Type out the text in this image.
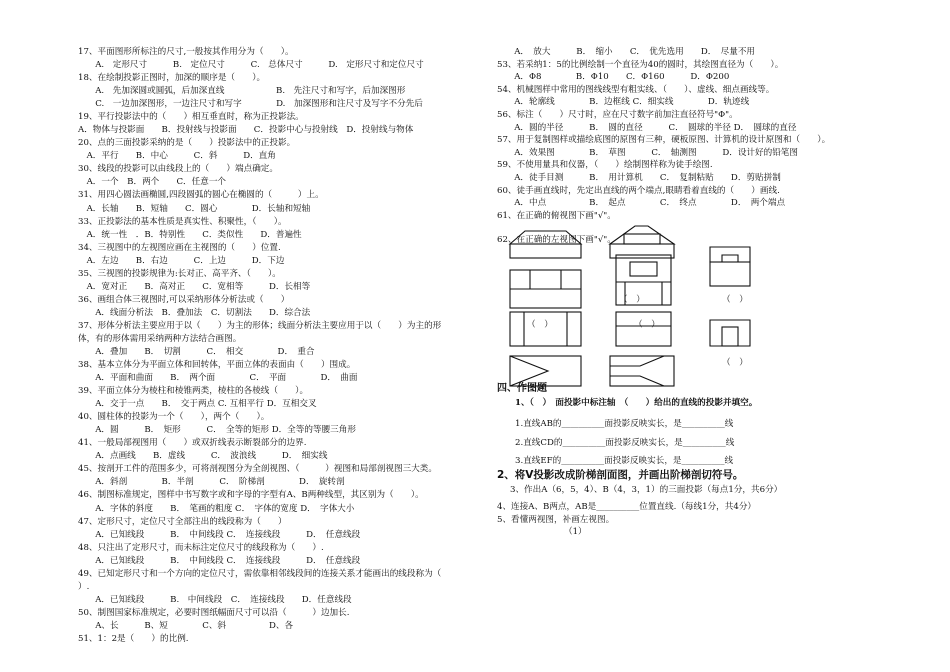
17、平面图形所标注的尺寸,一般按其作用分为（　　）。
　　A.　定形尺寸　　　B.　定位尺寸　　　C.　总体尺寸　　　D.　定形尺寸和定位尺寸
18、在绘制投影正图时，加深的顺序是（　　）。
　　A.　先加深圆或圆弧，后加深直线　　　　　　B.　先注尺寸和写字，后加深图形
　　C.　一边加深图形，一边注尺寸和写字　　　　D.　加深图形和注尺寸及写字不分先后
19、平行投影法中的（　　）相互垂直时，称为正投影法。
A．物体与投影面　　B．投射线与投影面　　C．投影中心与投射线　D．投射线与物体
20、点的三面投影采纳的是（　　）投影法中的正投影。
　A．平行　　B．中心　　　C．斜　　　D．直角
30、线段的投影可以由线段上的（　　）端点确定。
　A．一个　B．两个　　C．任意一个
31、用四心圆法画椭圆,四段圆弧的圆心在椭圆的（　　　）上。
　A．长轴　　B．短轴　　C．圆心　　　　D．长轴和短轴
33、正投影法的基本性质是真实性、积聚性，（　　）。
　A．统一性　．B．特别性　　C．类似性　　D．普遍性
34、三视图中的左视图应画在主视图的（　　）位置.
　A．左边　　B．右边　　　C．上边　　　D．下边
35、三视图的投影规律为:长对正、高平齐、（　　）。
　A．宽对正　　B．高对正　　C．宽相等　　　D．长相等
36、画组合体三视图时,可以采纳形体分析法或（　　）
　　A．线面分析法　B．叠加法　C．切割法　　D．综合法
37、形体分析法主要应用于以（　　）为主的形体；线面分析法主要应用于以（　　）为主的形
体，有的形体需用采纳两种方法结合画图。
　　A．叠加　　B．　切割　　　C．　相交　　　　D．　重合
38、基本立体分为平面立体和回转体，平面立体的表面由（　　）围成。
　　A．平面和曲面　　B．　两个面　　　　C．　平面　　　　D．　曲面
39、平面立体分为棱柱和棱锥两类，棱柱的各棱线（　　）。
　　A．交于一点　　B．　交于两点 C. 互相平行 D．互相交叉
40、圆柱体的投影为一个（　　），两个（　　）。
　　A．圆　　　B．　矩形　　　C．　全等的矩形 D．全等的等腰三角形
41、一般局部视图用（　　）或双折线表示断裂部分的边界.
　　A．点画线　　B．虚线　　　C．　波浪线　　　D．　细实线
45、按剖开工件的范围多少，可将剖视图分为全剖视图、（　　　）视图和局部剖视图三大类。
　　A．斜剖　　　　B．半剖　　　C．　阶梯剖　　　　D．　旋转剖
46、制图标准规定，图样中书写数字或和字母的字型有A、B两种线型，其区别为（　　）。
　　A．字体的斜度　　B．　笔画的粗度 C．　字体的宽度 D．　字体大小
47、定形尺寸，定位尺寸全部注出的线段称为（　　）
　　A．已知线段　　　B．　中间线段 C．　连接线段　　　D．　任意线段
48、只注出了定形尺寸，而未标注定位尺寸的线段称为（　　）.
　　A．已知线段　　　B．　中间线段 C．　连接线段　　　D．　任意线段
49、已知定形尺寸和一个方向的定位尺寸，需依靠相邻线段间的连接关系才能画出的线段称为（
）.
　　A．已知线段　　　B.　中间线段　C．　连接线段　　D．任意线段
50、制图国家标准规定，必要时图纸幅面尺寸可以沿（　　　）边加长.
　　A、长　　　B、短　　　　C、斜　　　　　D、各
51、1：2是（　　）的比例.
　　A．　放大　　　B．　缩小　　C．　优先选用　　D．　尽量不用
53、若采纳1：5的比例绘制一个直径为40的圆时，其绘图直径为（　　）。
　　A．Φ8　　　　B．Φ10　　C．Φ160　　　D．Φ200
54、机械图样中常用的图线线型有粗实线、（　　）、虚线、细点画线等。
　　A．轮廓线　　　　B．边框线 C．细实线　　　　D．轨迹线
56、标注（　　）尺寸时，应在尺寸数字前加注直径符号"Φ"。
　　A．圆的半径　　　B．　圆的直径　　　C．　圆球的半径 D．　圆球的直径
57、用于复制图样或描绘底图的原图有三种，硬板原图、计算机的设计原图和（　　）。
　　A．效果图　　　　B．　草图　　　C．　轴测图　　　D．设计好的铅笔图
59、不使用量具和仪器，（　　）绘制图样称为徒手绘图.
　　A．徒手目测　　　B．　用计算机　　C．　复制粘贴　　D．剪贴拼制
60、徒手画直线时，先定出直线的两个端点,眼睛看着直线的（　　）画线.
　　A．中点　　　　　B．　起点　　　　C．　终点　　　　D．　两个端点
61、在正确的俯视图下画"√"。
62、在正确的左视图下画"√"。
（　）	（　）
（　）	（　）
（　）
四、作图题
1、（　）　面投影中标注轴　（　　）给出的直线的投影并填空。
1.直线AB的__________面投影反映实长，是__________线
2.直线CD的__________面投影反映实长，是__________线
3.直线EF的__________面投影反映实长，是__________线
2、将V投影改成阶梯剖面图，并画出阶梯剖切符号。
3、作出A（6，5，4）、B（4，3，1）的三面投影（每点1分，共6分）
4、连接A、B两点，AB是__________位置直线.（每线1分，共4分）
5、看懂两视图，补画左视图。
（1）
